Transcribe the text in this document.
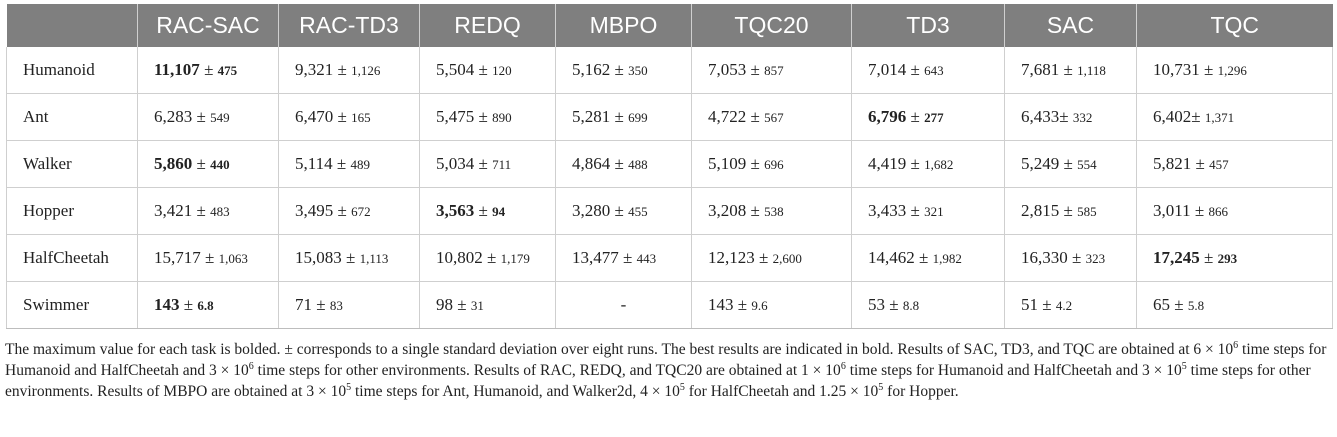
	RAC-SAC	RAC-TD3	REDQ	MBPO	TQC20	TD3	SAC	TQC
Humanoid	11,107 ± 475	9,321 ± 1,126	5,504 ± 120	5,162 ± 350	7,053 ± 857	7,014 ± 643	7,681 ± 1,118	10,731 ± 1,296
Ant	6,283 ± 549	6,470 ± 165	5,475 ± 890	5,281 ± 699	4,722 ± 567	6,796 ± 277	6,433± 332	6,402± 1,371
Walker	5,860 ± 440	5,114 ± 489	5,034 ± 711	4,864 ± 488	5,109 ± 696	4,419 ± 1,682	5,249 ± 554	5,821 ± 457
Hopper	3,421 ± 483	3,495 ± 672	3,563 ± 94	3,280 ± 455	3,208 ± 538	3,433 ± 321	2,815 ± 585	3,011 ± 866
HalfCheetah	15,717 ± 1,063	15,083 ± 1,113	10,802 ± 1,179	13,477 ± 443	12,123 ± 2,600	14,462 ± 1,982	16,330 ± 323	17,245 ± 293
Swimmer	143 ± 6.8	71 ± 83	98 ± 31	-	143 ± 9.6	53 ± 8.8	51 ± 4.2	65 ± 5.8
The maximum value for each task is bolded. ± corresponds to a single standard deviation over eight runs. The best results are indicated in bold. Results of SAC, TD3, and TQC are obtained at $6 \times 10^6$ time steps for Humanoid and HalfCheetah and $3 \times 10^6$ time steps for other environments. Results of RAC, REDQ, and TQC20 are obtained at $1 \times 10^6$ time steps for Humanoid and HalfCheetah and $3 \times 10^5$ time steps for other environments. Results of MBPO are obtained at $3 \times 10^5$ time steps for Ant, Humanoid, and Walker2d, $4 \times 10^5$ for HalfCheetah and $1.25 \times 10^5$ for Hopper.
